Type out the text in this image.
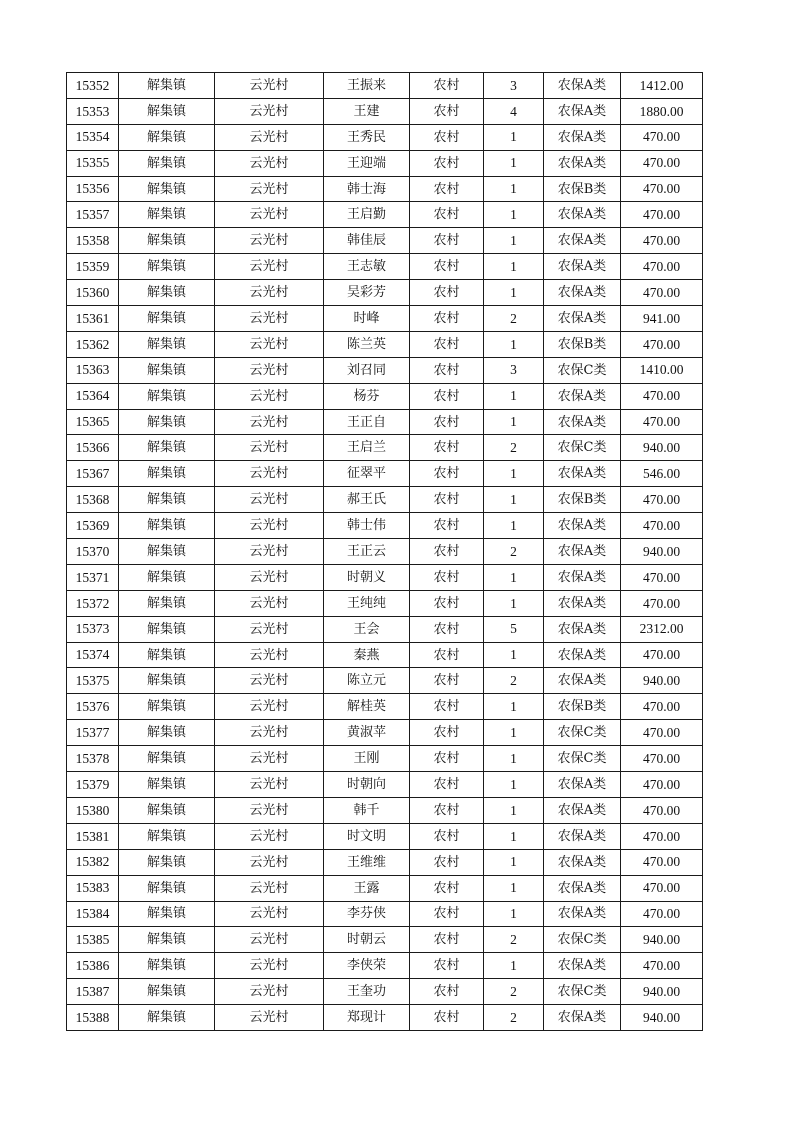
15352	解集镇	云光村	王振来	农村	3	农保A类	1412.00
15353	解集镇	云光村	王建	农村	4	农保A类	1880.00
15354	解集镇	云光村	王秀民	农村	1	农保A类	470.00
15355	解集镇	云光村	王迎端	农村	1	农保A类	470.00
15356	解集镇	云光村	韩士海	农村	1	农保B类	470.00
15357	解集镇	云光村	王启勤	农村	1	农保A类	470.00
15358	解集镇	云光村	韩佳辰	农村	1	农保A类	470.00
15359	解集镇	云光村	王志敏	农村	1	农保A类	470.00
15360	解集镇	云光村	吴彩芳	农村	1	农保A类	470.00
15361	解集镇	云光村	时峰	农村	2	农保A类	941.00
15362	解集镇	云光村	陈兰英	农村	1	农保B类	470.00
15363	解集镇	云光村	刘召同	农村	3	农保C类	1410.00
15364	解集镇	云光村	杨芬	农村	1	农保A类	470.00
15365	解集镇	云光村	王正自	农村	1	农保A类	470.00
15366	解集镇	云光村	王启兰	农村	2	农保C类	940.00
15367	解集镇	云光村	征翠平	农村	1	农保A类	546.00
15368	解集镇	云光村	郝王氏	农村	1	农保B类	470.00
15369	解集镇	云光村	韩士伟	农村	1	农保A类	470.00
15370	解集镇	云光村	王正云	农村	2	农保A类	940.00
15371	解集镇	云光村	时朝义	农村	1	农保A类	470.00
15372	解集镇	云光村	王纯纯	农村	1	农保A类	470.00
15373	解集镇	云光村	王会	农村	5	农保A类	2312.00
15374	解集镇	云光村	秦燕	农村	1	农保A类	470.00
15375	解集镇	云光村	陈立元	农村	2	农保A类	940.00
15376	解集镇	云光村	解桂英	农村	1	农保B类	470.00
15377	解集镇	云光村	黄淑苹	农村	1	农保C类	470.00
15378	解集镇	云光村	王刚	农村	1	农保C类	470.00
15379	解集镇	云光村	时朝向	农村	1	农保A类	470.00
15380	解集镇	云光村	韩千	农村	1	农保A类	470.00
15381	解集镇	云光村	时文明	农村	1	农保A类	470.00
15382	解集镇	云光村	王维维	农村	1	农保A类	470.00
15383	解集镇	云光村	王露	农村	1	农保A类	470.00
15384	解集镇	云光村	李芬侠	农村	1	农保A类	470.00
15385	解集镇	云光村	时朝云	农村	2	农保C类	940.00
15386	解集镇	云光村	李侠荣	农村	1	农保A类	470.00
15387	解集镇	云光村	王奎功	农村	2	农保C类	940.00
15388	解集镇	云光村	郑现计	农村	2	农保A类	940.00
